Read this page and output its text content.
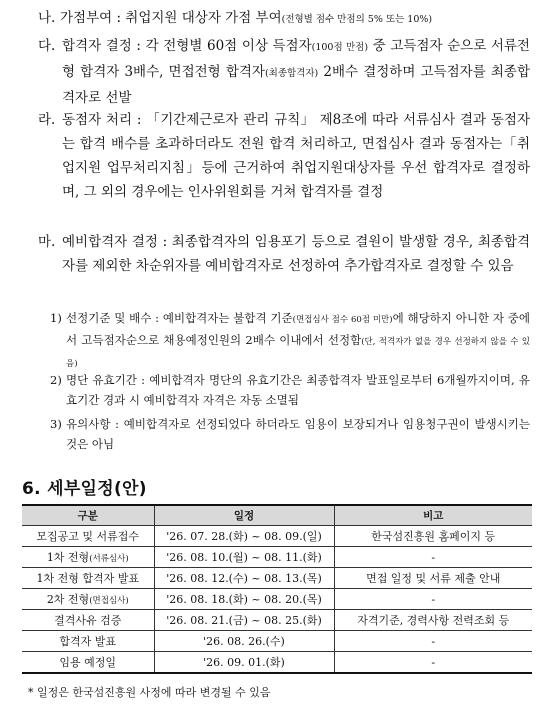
나. 가점부여 : 취업지원 대상자 가점 부여(전형별 점수 만점의 5% 또는 10%)
다. 합격자 결정 : 각 전형별 60점 이상 득점자(100점 만점) 중 고득점자 순으로 서류전형 합격자 3배수, 면접전형 합격자(최종합격자) 2배수 결정하며 고득점자를 최종합격자로 선발
라. 동점자 처리 : 「기간제근로자 관리 규칙」 제8조에 따라 서류심사 결과 동점자는 합격 배수를 초과하더라도 전원 합격 처리하고, 면접심사 결과 동점자는「취업지원 업무처리지침」등에 근거하여 취업지원대상자를 우선 합격자로 결정하며, 그 외의 경우에는 인사위원회를 거쳐 합격자를 결정
마. 예비합격자 결정 : 최종합격자의 임용포기 등으로 결원이 발생할 경우, 최종합격자를 제외한 차순위자를 예비합격자로 선정하여 추가합격자로 결정할 수 있음
1) 선정기준 및 배수 : 예비합격자는 불합격 기준(면접심사 점수 60점 미만)에 해당하지 아니한 자 중에서 고득점자순으로 채용예정인원의 2배수 이내에서 선정함(단, 적격자가 없을 경우 선정하지 않을 수 있음)
2) 명단 유효기간 : 예비합격자 명단의 유효기간은 최종합격자 발표일로부터 6개월까지이며, 유효기간 경과 시 예비합격자 자격은 자동 소멸됨
3) 유의사항 : 예비합격자로 선정되었다 하더라도 임용이 보장되거나 임용청구권이 발생시키는 것은 아님
6. 세부일정(안)
구분	일정	비고
모집공고 및 서류접수	'26. 07. 28.(화) ~ 08. 09.(일)	한국섬진흥원 홈페이지 등
1차 전형(서류심사)	'26. 08. 10.(월) ~ 08. 11.(화)	-
1차 전형 합격자 발표	'26. 08. 12.(수) ~ 08. 13.(목)	면접 일정 및 서류 제출 안내
2차 전형(면접심사)	'26. 08. 18.(화) ~ 08. 20.(목)	-
결격사유 검증	'26. 08. 21.(금) ~ 08. 25.(화)	자격기준, 경력사항 전력조회 등
합격자 발표	'26. 08. 26.(수)	-
임용 예정일	'26. 09. 01.(화)	-
* 일정은 한국섬진흥원 사정에 따라 변경될 수 있음
